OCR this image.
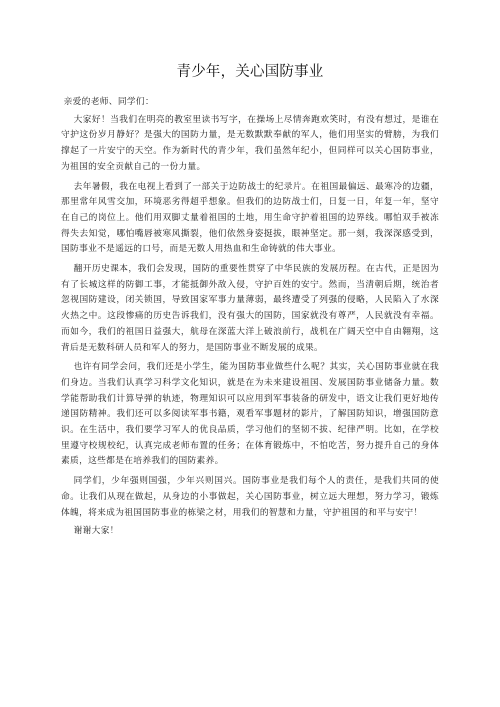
青少年，关心国防事业

亲爱的老师、同学们：

大家好！当我们在明亮的教室里读书写字，在操场上尽情奔跑欢笑时，有没有想过，是谁在守护这份岁月静好？是强大的国防力量，是无数默默奉献的军人，他们用坚实的臂膀，为我们撑起了一片安宁的天空。作为新时代的青少年，我们虽然年纪小，但同样可以关心国防事业，为祖国的安全贡献自己的一份力量。

去年暑假，我在电视上看到了一部关于边防战士的纪录片。在祖国最偏远、最寒冷的边疆，那里常年风雪交加，环境恶劣得超乎想象。但我们的边防战士们，日复一日，年复一年，坚守在自己的岗位上。他们用双脚丈量着祖国的土地，用生命守护着祖国的边界线。哪怕双手被冻得失去知觉，哪怕嘴唇被寒风撕裂，他们依然身姿挺拔，眼神坚定。那一刻，我深深感受到，国防事业不是遥远的口号，而是无数人用热血和生命铸就的伟大事业。

翻开历史课本，我们会发现，国防的重要性贯穿了中华民族的发展历程。在古代，正是因为有了长城这样的防御工事，才能抵御外敌入侵，守护百姓的安宁。然而，当清朝后期，统治者忽视国防建设，闭关锁国，导致国家军事力量薄弱，最终遭受了列强的侵略，人民陷入了水深火热之中。这段惨痛的历史告诉我们，没有强大的国防，国家就没有尊严，人民就没有幸福。而如今，我们的祖国日益强大，航母在深蓝大洋上破浪前行，战机在广阔天空中自由翱翔，这背后是无数科研人员和军人的努力，是国防事业不断发展的成果。

也许有同学会问，我们还是小学生，能为国防事业做些什么呢？其实，关心国防事业就在我们身边。当我们认真学习科学文化知识，就是在为未来建设祖国、发展国防事业储备力量。数学能帮助我们计算导弹的轨迹，物理知识可以应用到军事装备的研发中，语文让我们更好地传递国防精神。我们还可以多阅读军事书籍，观看军事题材的影片，了解国防知识，增强国防意识。在生活中，我们要学习军人的优良品质，学习他们的坚韧不拔、纪律严明。比如，在学校里遵守校规校纪，认真完成老师布置的任务；在体育锻炼中，不怕吃苦，努力提升自己的身体素质，这些都是在培养我们的国防素养。

同学们，少年强则国强，少年兴则国兴。国防事业是我们每个人的责任，是我们共同的使命。让我们从现在做起，从身边的小事做起，关心国防事业，树立远大理想，努力学习，锻炼体魄，将来成为祖国国防事业的栋梁之材，用我们的智慧和力量，守护祖国的和平与安宁！

谢谢大家！
